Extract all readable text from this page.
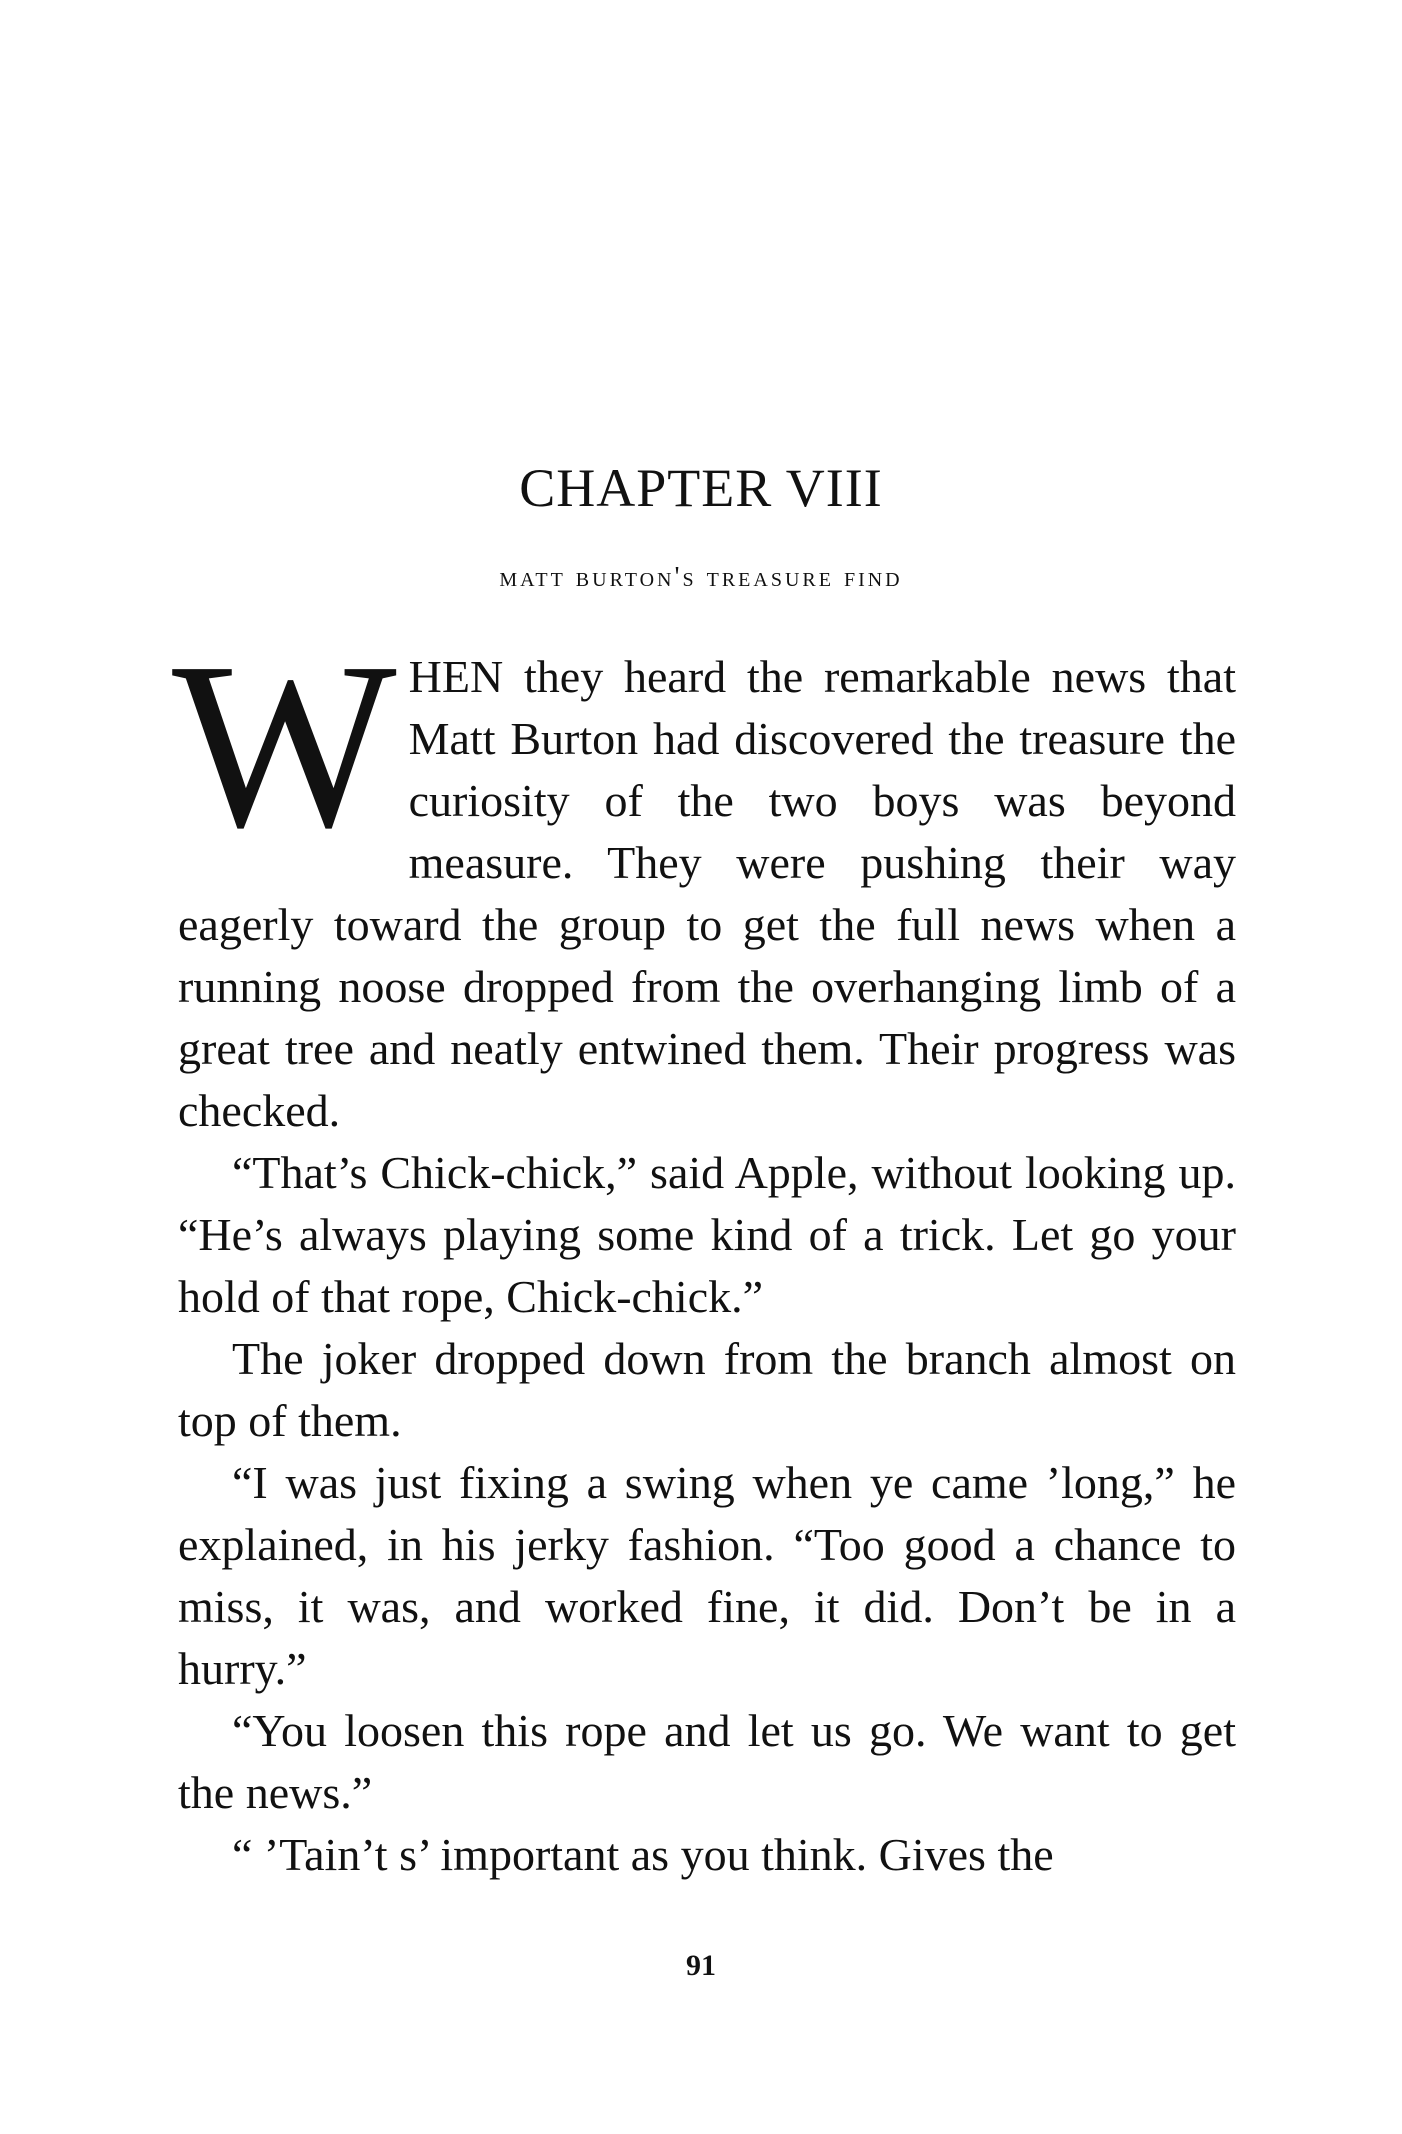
CHAPTER VIII
matt burton's treasure find

WHEN they heard the remarkable news that Matt Burton had discovered the treasure the curiosity of the two boys was beyond measure. They were pushing their way eagerly toward the group to get the full news when a running noose dropped from the overhanging limb of a great tree and neatly entwined them. Their progress was checked.

“That’s Chick-chick,” said Apple, without looking up. “He’s always playing some kind of a trick. Let go your hold of that rope, Chick-chick.”

The joker dropped down from the branch almost on top of them.

“I was just fixing a swing when ye came ’long,” he explained, in his jerky fashion. “Too good a chance to miss, it was, and worked fine, it did. Don’t be in a hurry.”

“You loosen this rope and let us go. We want to get the news.”

“ ’Tain’t s’ important as you think. Gives the

91
